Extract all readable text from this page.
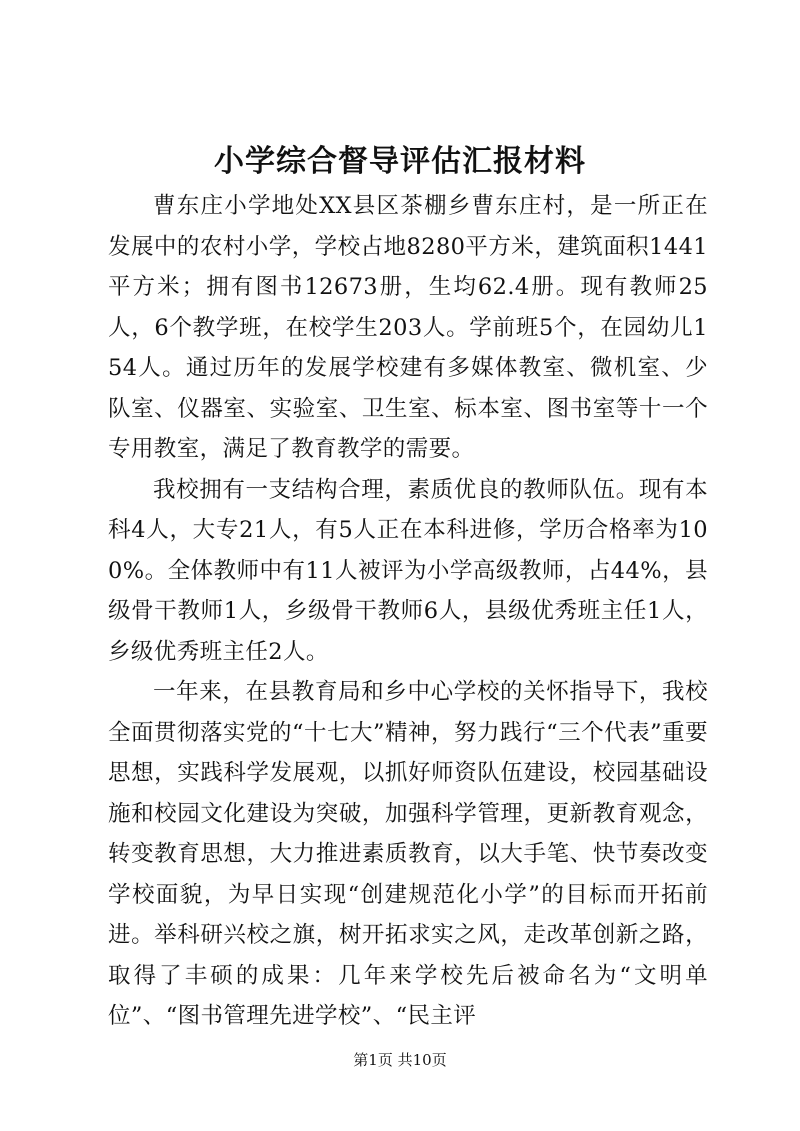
小学综合督导评估汇报材料

曹东庄小学地处XX县区茶棚乡曹东庄村，是一所正在发展中的农村小学，学校占地8280平方米，建筑面积1441平方米；拥有图书12673册，生均62.4册。现有教师25人，6个教学班，在校学生203人。学前班5个，在园幼儿154人。通过历年的发展学校建有多媒体教室、微机室、少队室、仪器室、实验室、卫生室、标本室、图书室等十一个专用教室，满足了教育教学的需要。

我校拥有一支结构合理，素质优良的教师队伍。现有本科4人，大专21人，有5人正在本科进修，学历合格率为100%。全体教师中有11人被评为小学高级教师，占44%，县级骨干教师1人，乡级骨干教师6人，县级优秀班主任1人，乡级优秀班主任2人。

一年来，在县教育局和乡中心学校的关怀指导下，我校全面贯彻落实党的“十七大”精神，努力践行“三个代表”重要思想，实践科学发展观，以抓好师资队伍建设，校园基础设施和校园文化建设为突破，加强科学管理，更新教育观念，转变教育思想，大力推进素质教育，以大手笔、快节奏改变学校面貌，为早日实现“创建规范化小学”的目标而开拓前进。举科研兴校之旗，树开拓求实之风，走改革创新之路，取得了丰硕的成果：几年来学校先后被命名为“文明单位”、“图书管理先进学校”、“民主评

第1页 共10页
